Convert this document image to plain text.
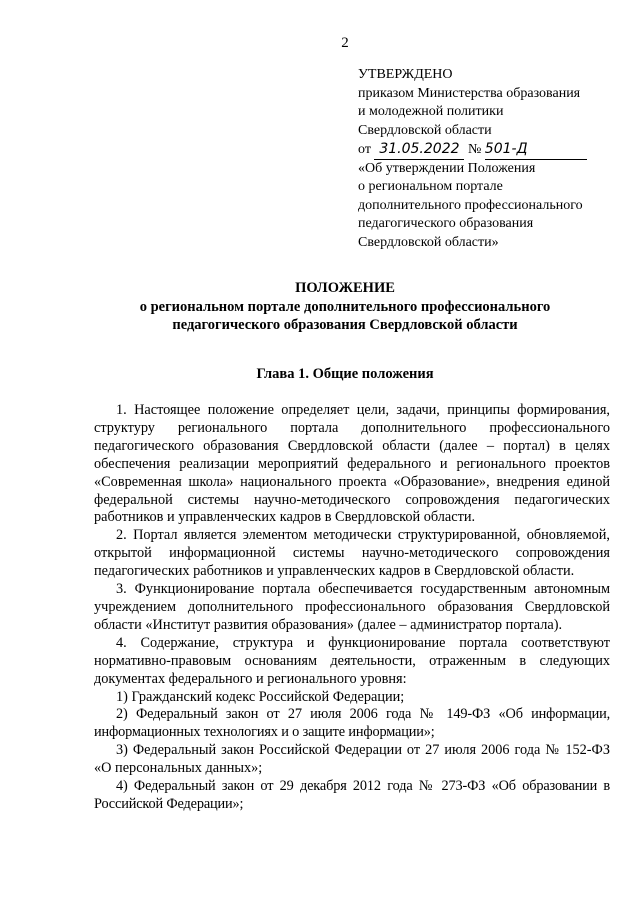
2
УТВЕРЖДЕНО
приказом Министерства образования
и молодежной политики
Свердловской области
от 31.05.2022 № 501-Д
«Об утверждении Положения
о региональном портале
дополнительного профессионального
педагогического образования
Свердловской области»
ПОЛОЖЕНИЕ
о региональном портале дополнительного профессионального
педагогического образования Свердловской области
Глава 1. Общие положения

1. Настоящее положение определяет цели, задачи, принципы формирования, структуру регионального портала дополнительного профессионального педагогического образования Свердловской области (далее – портал) в целях обеспечения реализации мероприятий федерального и регионального проектов «Современная школа» национального проекта «Образование», внедрения единой федеральной системы научно-методического сопровождения педагогических работников и управленческих кадров в Свердловской области.

2. Портал является элементом методически структурированной, обновляемой, открытой информационной системы научно-методического сопровождения педагогических работников и управленческих кадров в Свердловской области.

3. Функционирование портала обеспечивается государственным автономным учреждением дополнительного профессионального образования Свердловской области «Институт развития образования» (далее – администратор портала).

4. Содержание, структура и функционирование портала соответствуют нормативно-правовым основаниям деятельности, отраженным в следующих документах федерального и регионального уровня:

1) Гражданский кодекс Российской Федерации;

2) Федеральный закон от 27 июля 2006 года № 149-ФЗ «Об информации, информационных технологиях и о защите информации»;

3) Федеральный закон Российской Федерации от 27 июля 2006 года № 152-ФЗ «О персональных данных»;

4) Федеральный закон от 29 декабря 2012 года № 273-ФЗ «Об образовании в Российской Федерации»;
